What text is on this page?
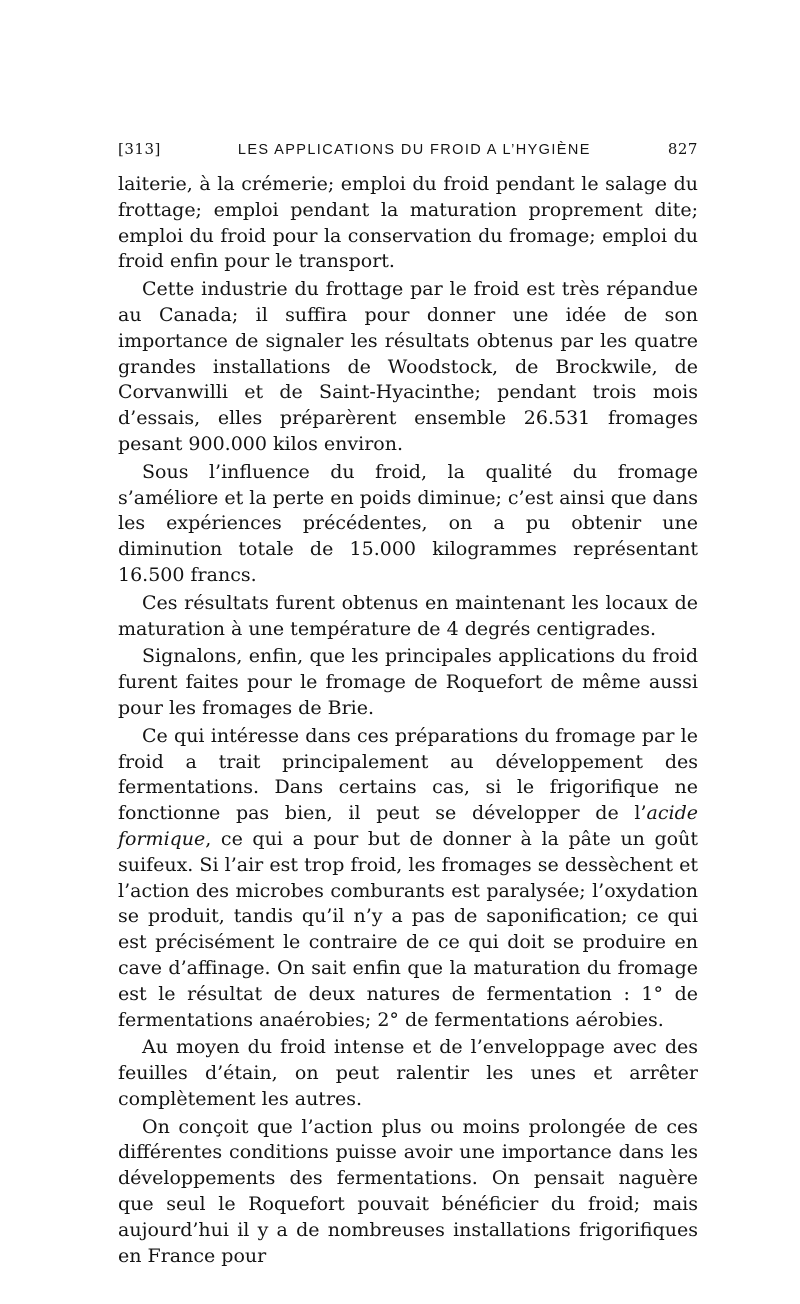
[313]	LES APPLICATIONS DU FROID A L’HYGIÈNE	827

laiterie, à la crémerie; emploi du froid pendant le salage du frottage; emploi pendant la maturation proprement dite; emploi du froid pour la conservation du fromage; emploi du froid enfin pour le transport.

Cette industrie du frottage par le froid est très répandue au Canada; il suffira pour donner une idée de son importance de signaler les résultats obtenus par les quatre grandes installations de Woodstock, de Brockwile, de Corvanwilli et de Saint-Hyacinthe; pendant trois mois d’essais, elles préparèrent ensemble 26.531 fromages pesant 900.000 kilos environ.

Sous l’influence du froid, la qualité du fromage s’améliore et la perte en poids diminue; c’est ainsi que dans les expériences précédentes, on a pu obtenir une diminution totale de 15.000 kilogrammes représentant 16.500 francs.

Ces résultats furent obtenus en maintenant les locaux de maturation à une température de 4 degrés centigrades.

Signalons, enfin, que les principales applications du froid furent faites pour le fromage de Roquefort de même aussi pour les fromages de Brie.

Ce qui intéresse dans ces préparations du fromage par le froid a trait principalement au développement des fermentations. Dans certains cas, si le frigorifique ne fonctionne pas bien, il peut se développer de l’acide formique, ce qui a pour but de donner à la pâte un goût suifeux. Si l’air est trop froid, les fromages se dessèchent et l’action des microbes comburants est paralysée; l’oxydation se produit, tandis qu’il n’y a pas de saponification; ce qui est précisément le contraire de ce qui doit se produire en cave d’affinage. On sait enfin que la maturation du fromage est le résultat de deux natures de fermentation : 1° de fermentations anaérobies; 2° de fermentations aérobies.

Au moyen du froid intense et de l’enveloppage avec des feuilles d’étain, on peut ralentir les unes et arrêter complètement les autres.

On conçoit que l’action plus ou moins prolongée de ces différentes conditions puisse avoir une importance dans les développements des fermentations. On pensait naguère que seul le Roquefort pouvait bénéficier du froid; mais aujourd’hui il y a de nombreuses installations frigorifiques en France pour
